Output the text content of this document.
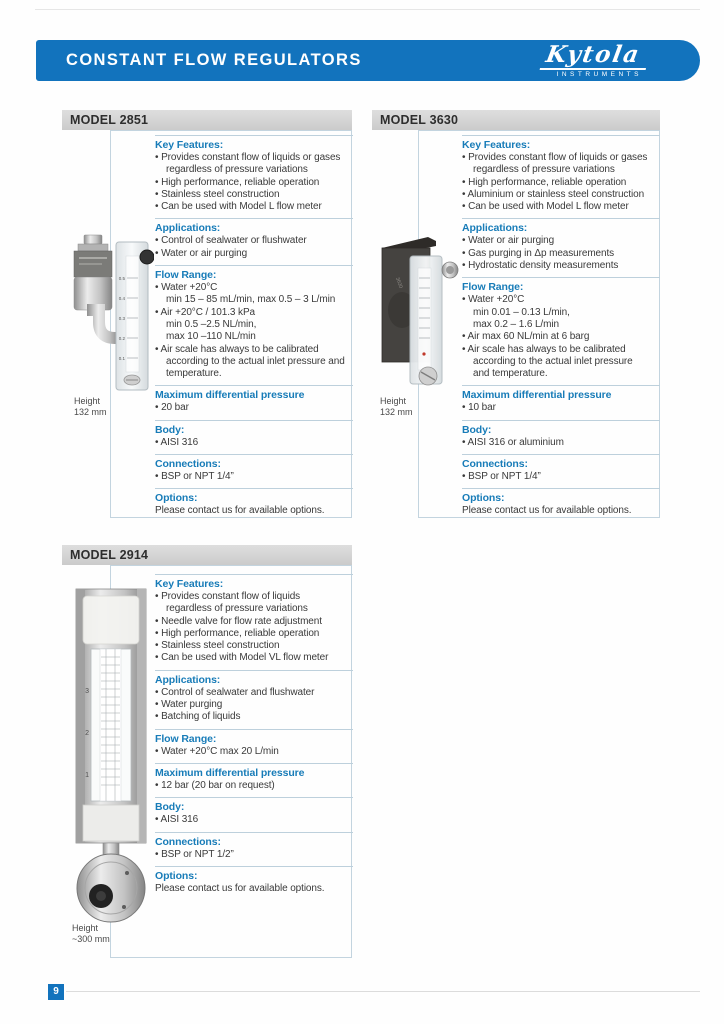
CONSTANT FLOW REGULATORS	Kytola
INSTRUMENTS
MODEL 2851
Key Features:
• Provides constant flow of liquids or gases
regardless of pressure variations
• High performance, reliable operation
• Stainless steel construction
• Can be used with Model L flow meter
Applications:
• Control of sealwater or flushwater
• Water or air purging
Flow Range:
• Water +20°C
min 15 – 85 mL/min, max 0.5 – 3 L/min
• Air +20°C / 101.3 kPa
min 0.5 –2.5 NL/min,
max 10 –110 NL/min
• Air scale has always to be calibrated
according to the actual inlet pressure and
temperature.
Maximum differential pressure
• 20 bar
Body:
• AISI 316
Connections:
• BSP or NPT 1/4”
Options:
Please contact us for available options.
0.5
0.4
0.3
0.2
0.1
Height
132 mm
MODEL 3630
Key Features:
• Provides constant flow of liquids or gases
regardless of pressure variations
• High performance, reliable operation
• Aluminium or stainless steel construction
• Can be used with Model L flow meter
Applications:
• Water or air purging
• Gas purging in Δp measurements
• Hydrostatic density measurements
Flow Range:
• Water +20°C
min 0.01 – 0.13 L/min,
max 0.2 – 1.6 L/min
• Air max 60 NL/min at 6 barg
• Air scale has always to be calibrated
according to the actual inlet pressure
and temperature.
Maximum differential pressure
• 10 bar
Body:
• AISI 316 or aluminium
Connections:
• BSP or NPT 1/4”
Options:
Please contact us for available options.
3630
Height
132 mm
MODEL 2914
Key Features:
• Provides constant flow of liquids
regardless of pressure variations
• Needle valve for flow rate adjustment
• High performance, reliable operation
• Stainless steel construction
• Can be used with Model VL flow meter
Applications:
• Control of sealwater and flushwater
• Water purging
• Batching of liquids
Flow Range:
• Water +20°C max 20 L/min
Maximum differential pressure
• 12 bar (20 bar on request)
Body:
• AISI 316
Connections:
• BSP or NPT 1/2”
Options:
Please contact us for available options.
3
2
1
Height
~300 mm
9
